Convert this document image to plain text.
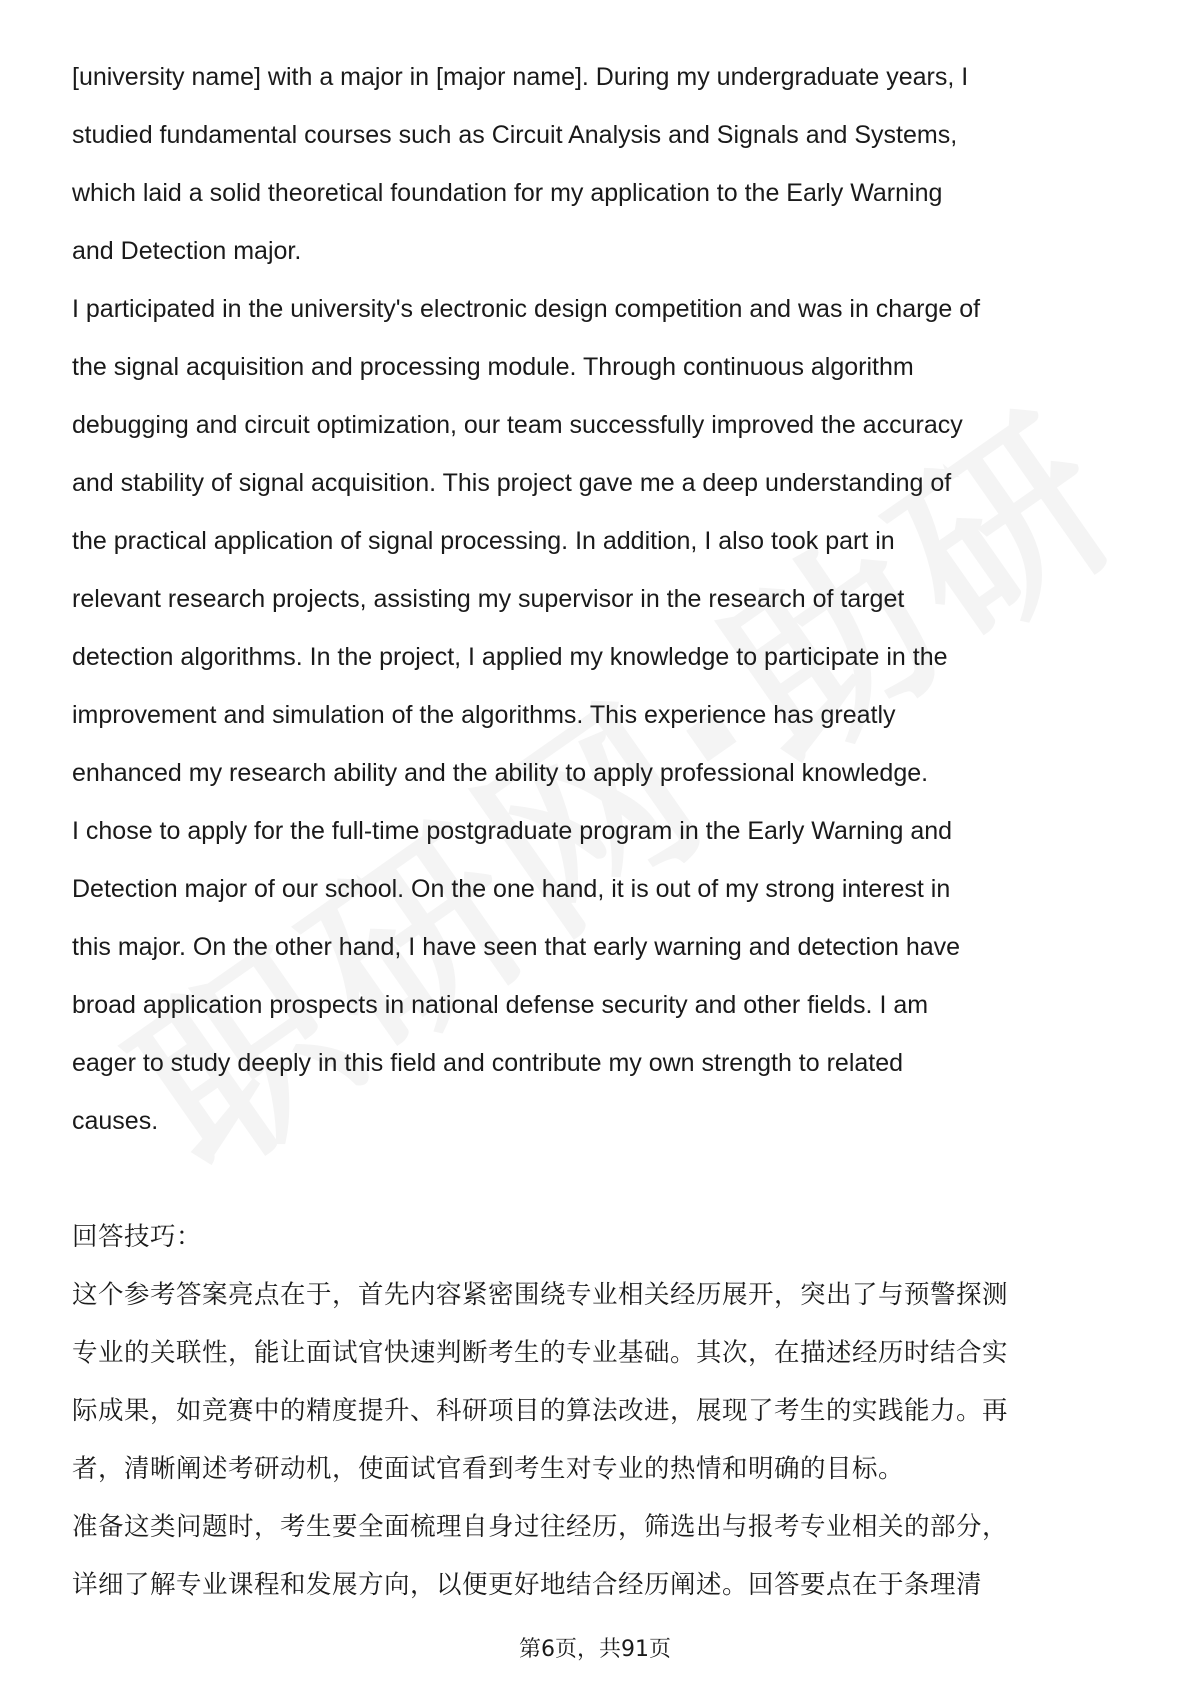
[university name] with a major in [major name]. During my undergraduate years, I
studied fundamental courses such as Circuit Analysis and Signals and Systems,
which laid a solid theoretical foundation for my application to the Early Warning
and Detection major.
I participated in the university's electronic design competition and was in charge of
the signal acquisition and processing module. Through continuous algorithm
debugging and circuit optimization, our team successfully improved the accuracy
and stability of signal acquisition. This project gave me a deep understanding of
the practical application of signal processing. In addition, I also took part in
relevant research projects, assisting my supervisor in the research of target
detection algorithms. In the project, I applied my knowledge to participate in the
improvement and simulation of the algorithms. This experience has greatly
enhanced my research ability and the ability to apply professional knowledge.
I chose to apply for the full-time postgraduate program in the Early Warning and
Detection major of our school. On the one hand, it is out of my strong interest in
this major. On the other hand, I have seen that early warning and detection have
broad application prospects in national defense security and other fields. I am
eager to study deeply in this field and contribute my own strength to related
causes.
回答技巧：
这个参考答案亮点在于，首先内容紧密围绕专业相关经历展开，突出了与预警探测
专业的关联性，能让面试官快速判断考生的专业基础。其次，在描述经历时结合实
际成果，如竞赛中的精度提升、科研项目的算法改进，展现了考生的实践能力。再
者，清晰阐述考研动机，使面试官看到考生对专业的热情和明确的目标。
准备这类问题时，考生要全面梳理自身过往经历，筛选出与报考专业相关的部分，
详细了解专业课程和发展方向，以便更好地结合经历阐述。回答要点在于条理清
第6页，共91页
